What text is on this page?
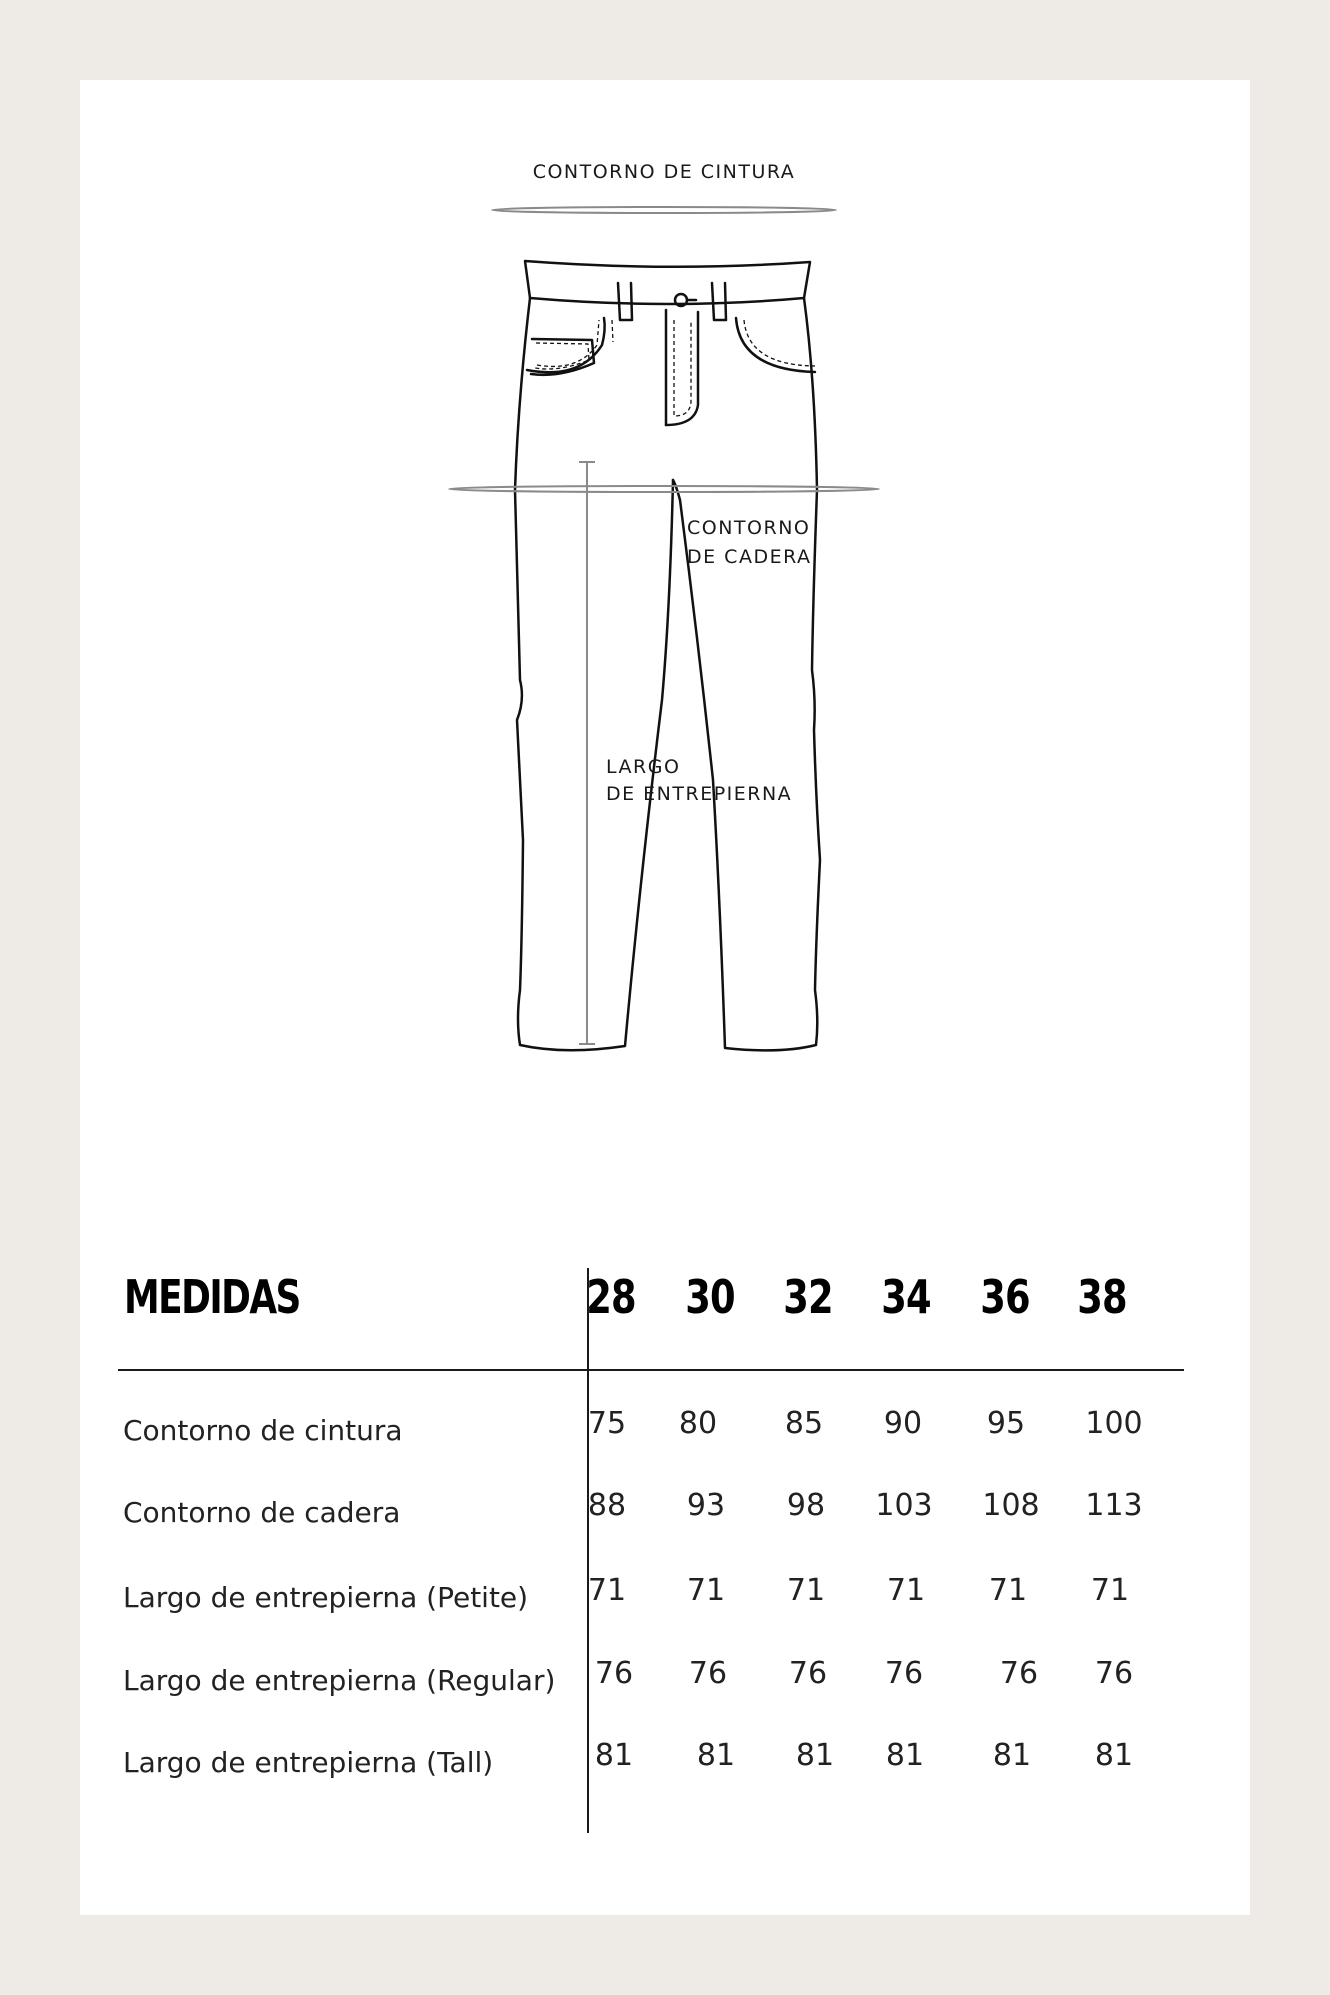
CONTORNO DE CINTURA
CONTORNO
DE CADERA
LARGO
DE ENTREPIERNA
MEDIDAS	28 30 32 34 36 38
Contorno de cintura	75	80	85	90	95	100
Contorno de cadera	88	93	98	103	108	113
Largo de entrepierna (Petite)	71	71	71	71	71	71
Largo de entrepierna (Regular)	76	76	76	76	76	76
Largo de entrepierna (Tall)	81	81	81	81	81	81
